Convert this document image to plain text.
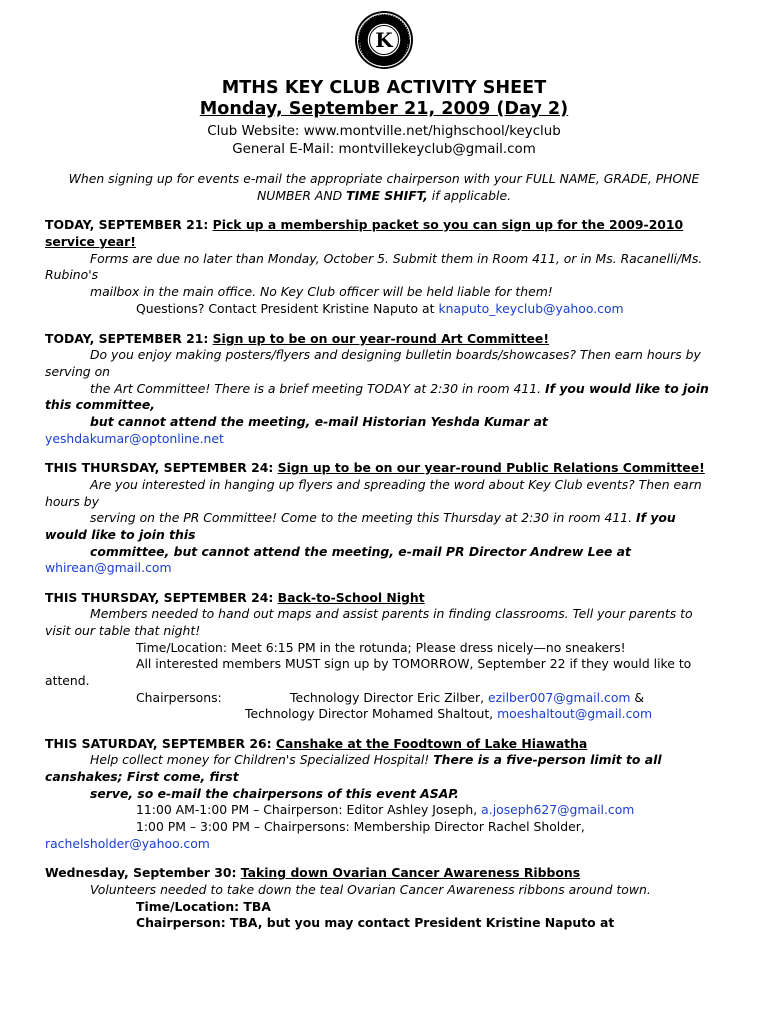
K
MTHS KEY CLUB ACTIVITY SHEET
Monday, September 21, 2009 (Day 2)
Club Website: www.montville.net/highschool/keyclub
General E-Mail: montvillekeyclub@gmail.com
When signing up for events e-mail the appropriate chairperson with your FULL NAME, GRADE, PHONE
NUMBER AND TIME SHIFT, if applicable.
TODAY, SEPTEMBER 21: Pick up a membership packet so you can sign up for the 2009-2010
service year!
Forms are due no later than Monday, October 5. Submit them in Room 411, or in Ms. Racanelli/Ms.
Rubino's
mailbox in the main office. No Key Club officer will be held liable for them!
Questions? Contact President Kristine Naputo at knaputo_keyclub@yahoo.com
TODAY, SEPTEMBER 21: Sign up to be on our year-round Art Committee!
Do you enjoy making posters/flyers and designing bulletin boards/showcases? Then earn hours by
serving on
the Art Committee! There is a brief meeting TODAY at 2:30 in room 411. If you would like to join
this committee,
but cannot attend the meeting, e-mail Historian Yeshda Kumar at
yeshdakumar@optonline.net
THIS THURSDAY, SEPTEMBER 24: Sign up to be on our year-round Public Relations Committee!
Are you interested in hanging up flyers and spreading the word about Key Club events? Then earn
hours by
serving on the PR Committee! Come to the meeting this Thursday at 2:30 in room 411. If you
would like to join this
committee, but cannot attend the meeting, e-mail PR Director Andrew Lee at
whirean@gmail.com
THIS THURSDAY, SEPTEMBER 24: Back-to-School Night
Members needed to hand out maps and assist parents in finding classrooms. Tell your parents to
visit our table that night!
Time/Location: Meet 6:15 PM in the rotunda; Please dress nicely—no sneakers!
All interested members MUST sign up by TOMORROW, September 22 if they would like to
attend.
Chairpersons:	Technology Director Eric Zilber, ezilber007@gmail.com &
Technology Director Mohamed Shaltout, moeshaltout@gmail.com
THIS SATURDAY, SEPTEMBER 26: Canshake at the Foodtown of Lake Hiawatha
Help collect money for Children's Specialized Hospital! There is a five-person limit to all
canshakes; First come, first
serve, so e-mail the chairpersons of this event ASAP.
11:00 AM-1:00 PM – Chairperson: Editor Ashley Joseph, a.joseph627@gmail.com
1:00 PM – 3:00 PM – Chairpersons: Membership Director Rachel Sholder,
rachelsholder@yahoo.com
Wednesday, September 30: Taking down Ovarian Cancer Awareness Ribbons
Volunteers needed to take down the teal Ovarian Cancer Awareness ribbons around town.
Time/Location: TBA
Chairperson: TBA, but you may contact President Kristine Naputo at
